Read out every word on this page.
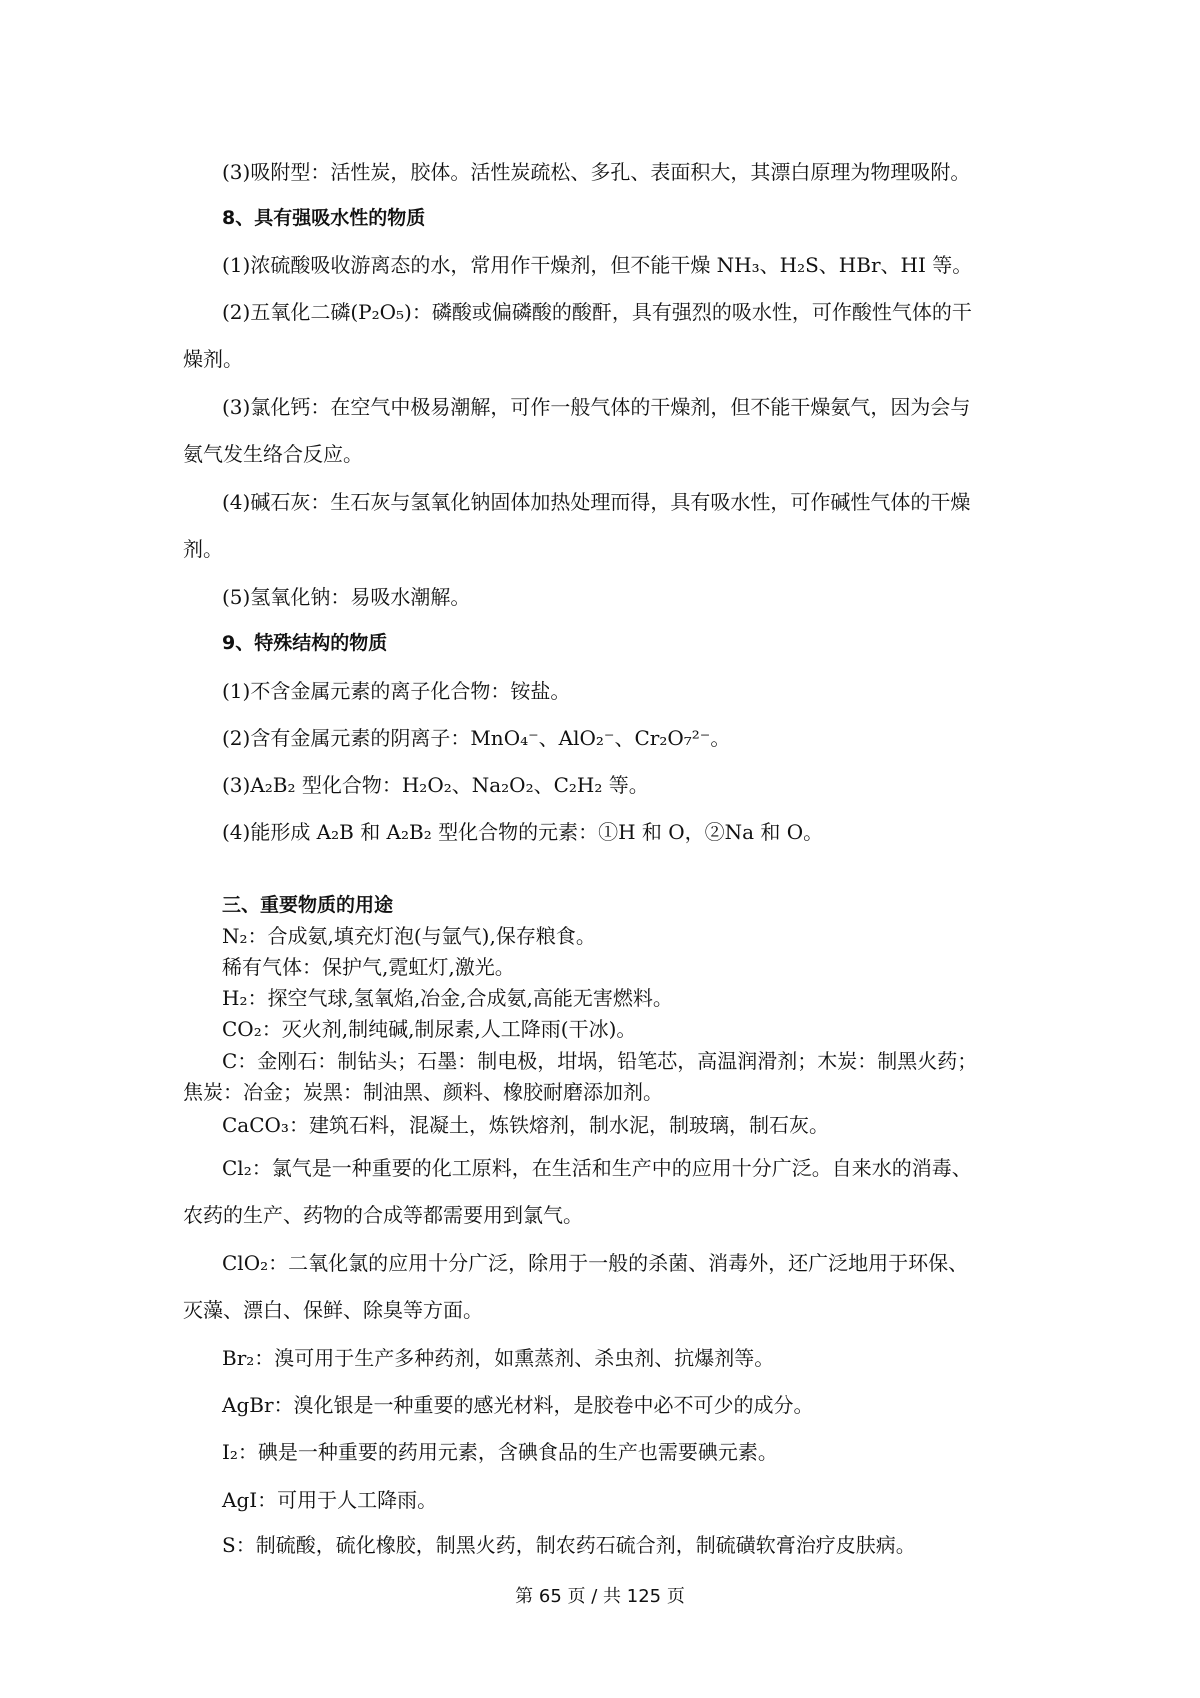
(3)吸附型：活性炭，胶体。活性炭疏松、多孔、表面积大，其漂白原理为物理吸附。
8、具有强吸水性的物质
(1)浓硫酸吸收游离态的水，常用作干燥剂，但不能干燥 NH₃、H₂S、HBr、HI 等。
(2)五氧化二磷(P₂O₅)：磷酸或偏磷酸的酸酐，具有强烈的吸水性，可作酸性气体的干
燥剂。
(3)氯化钙：在空气中极易潮解，可作一般气体的干燥剂，但不能干燥氨气，因为会与
氨气发生络合反应。
(4)碱石灰：生石灰与氢氧化钠固体加热处理而得，具有吸水性，可作碱性气体的干燥
剂。
(5)氢氧化钠：易吸水潮解。
9、特殊结构的物质
(1)不含金属元素的离子化合物：铵盐。
(2)含有金属元素的阴离子：MnO₄⁻、AlO₂⁻、Cr₂O₇²⁻。
(3)A₂B₂ 型化合物：H₂O₂、Na₂O₂、C₂H₂ 等。
(4)能形成 A₂B 和 A₂B₂ 型化合物的元素：①H 和 O，②Na 和 O。
三、重要物质的用途
N₂：合成氨,填充灯泡(与氩气),保存粮食。
稀有气体：保护气,霓虹灯,激光。
H₂：探空气球,氢氧焰,冶金,合成氨,高能无害燃料。
CO₂：灭火剂,制纯碱,制尿素,人工降雨(干冰)。
C：金刚石：制钻头；石墨：制电极，坩埚，铅笔芯，高温润滑剂；木炭：制黑火药；
焦炭：冶金；炭黑：制油黑、颜料、橡胶耐磨添加剂。
CaCO₃：建筑石料，混凝土，炼铁熔剂，制水泥，制玻璃，制石灰。
Cl₂：氯气是一种重要的化工原料，在生活和生产中的应用十分广泛。自来水的消毒、
农药的生产、药物的合成等都需要用到氯气。
ClO₂：二氧化氯的应用十分广泛，除用于一般的杀菌、消毒外，还广泛地用于环保、
灭藻、漂白、保鲜、除臭等方面。
Br₂：溴可用于生产多种药剂，如熏蒸剂、杀虫剂、抗爆剂等。
AgBr：溴化银是一种重要的感光材料，是胶卷中必不可少的成分。
I₂：碘是一种重要的药用元素，含碘食品的生产也需要碘元素。
AgI：可用于人工降雨。
S：制硫酸，硫化橡胶，制黑火药，制农药石硫合剂，制硫磺软膏治疗皮肤病。
第 65 页 / 共 125 页
